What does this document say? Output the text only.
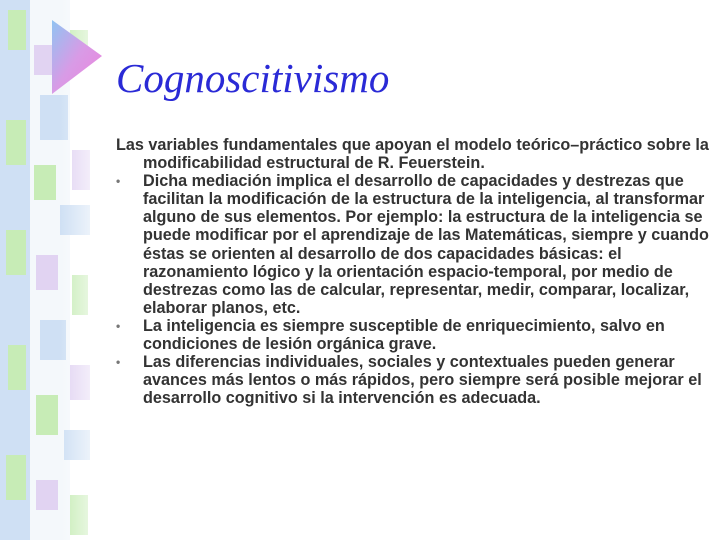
Cognoscitivismo

Las variables fundamentales que apoyan el modelo teórico–práctico sobre la modificabilidad estructural de R. Feuerstein.

• Dicha mediación implica el desarrollo de capacidades y destrezas que facilitan la modificación de la estructura de la inteligencia, al transformar alguno de sus elementos. Por ejemplo: la estructura de la inteligencia se puede modificar por el aprendizaje de las Matemáticas, siempre y cuando éstas se orienten al desarrollo de dos capacidades básicas: el razonamiento lógico y la orientación espacio-temporal, por medio de destrezas como las de calcular, representar, medir, comparar, localizar, elaborar planos, etc.
• La inteligencia es siempre susceptible de enriquecimiento, salvo en condiciones de lesión orgánica grave.
• Las diferencias individuales, sociales y contextuales pueden generar avances más lentos o más rápidos, pero siempre será posible mejorar el desarrollo cognitivo si la intervención es adecuada.
